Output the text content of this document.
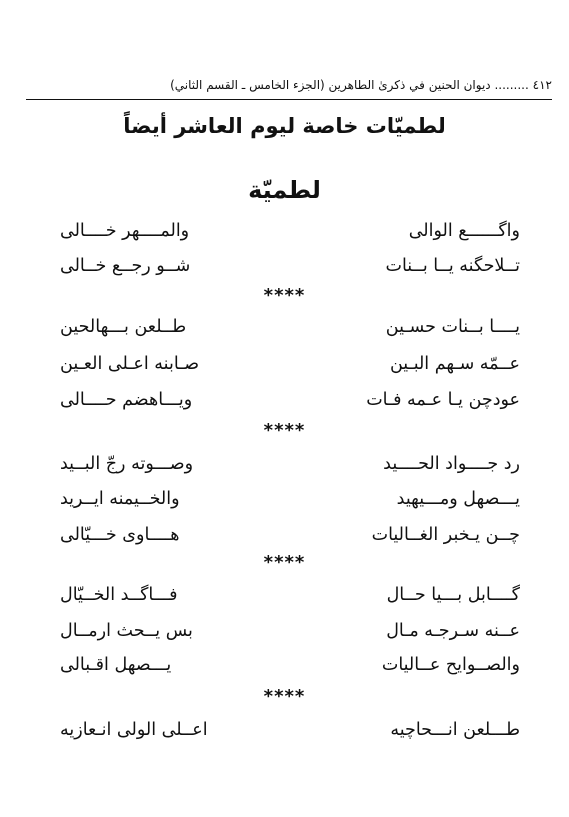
٤١٢ ......... ديوان الحنين في ذكرىٰ الطاهرين (الجزء الخامس ـ القسم الثاني)
لطميّات خاصة ليوم العاشر أيضاً
لطميّة
واگــــــع الوالى
والمــــهر خــــالى
تــلاحگنه يــا بــنات
شــو رجــع خــالى
****
يــــا بــنات حسـين
طــلعن بـــهالحين
عــمّه سـهم البـين
صـابنه اعـلى العـين
عودچن يـا عـمه فـات
ويـــاهضم حــــالى
****
رد جــــواد الحــــيد
وصـــوته رجّ البــيد
يـــصهل ومـــيهيد
والخــيمنه ايــريد
چــن يـخبر الغــاليات
هــــاوى خـــيّالى
****
گــــابل بـــيا حــال
فـــاگــد الخــيّال
عــنه سـرجـه مـال
بس يــحث ارمــال
والصــوايح عــاليات
يـــصهل اقـبالى
****
طـــلعن انـــحاچيه
اعــلى الولى انـعازيه
